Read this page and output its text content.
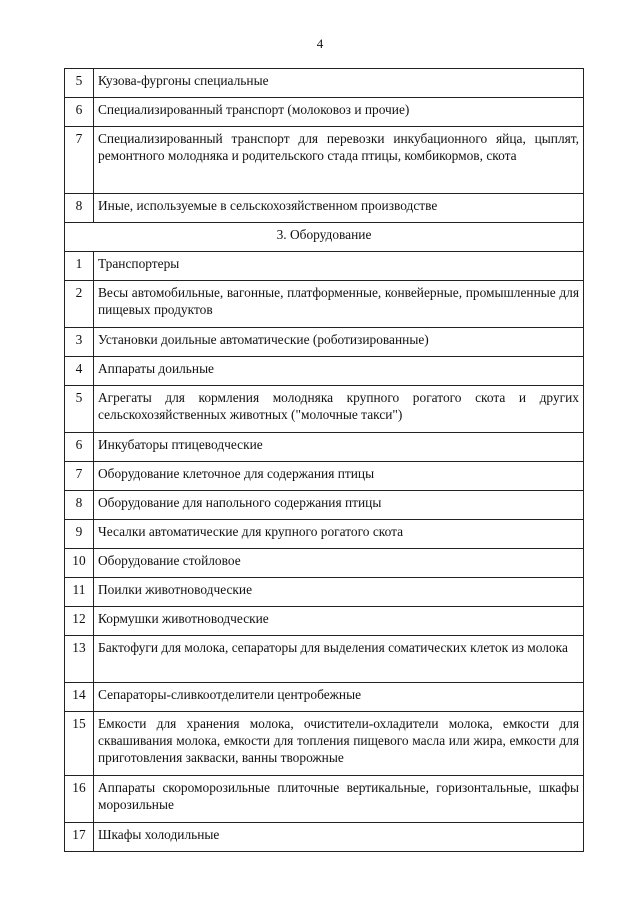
4
5	Кузова-фургоны специальные
6	Специализированный транспорт (молоковоз и прочие)
7	Специализированный транспорт для перевозки инкубационного яйца, цыплят, ремонтного молодняка и родительского стада птицы, комбикормов, скота
8	Иные, используемые в сельскохозяйственном производстве
3. Оборудование	
1	Транспортеры
2	Весы автомобильные, вагонные, платформенные, конвейерные, промышленные для пищевых продуктов
3	Установки доильные автоматические (роботизированные)
4	Аппараты доильные
5	Агрегаты для кормления молодняка крупного рогатого скота и других сельскохозяйственных животных ("молочные такси")
6	Инкубаторы птицеводческие
7	Оборудование клеточное для содержания птицы
8	Оборудование для напольного содержания птицы
9	Чесалки автоматические для крупного рогатого скота
10	Оборудование стойловое
11	Поилки животноводческие
12	Кормушки животноводческие
13	Бактофуги для молока, сепараторы для выделения соматических клеток из молока
14	Сепараторы-сливкоотделители центробежные
15	Емкости для хранения молока, очистители-охладители молока, емкости для сквашивания молока, емкости для топления пищевого масла или жира, емкости для приготовления закваски, ванны творожные
16	Аппараты скороморозильные плиточные вертикальные, горизонтальные, шкафы морозильные
17	Шкафы холодильные
